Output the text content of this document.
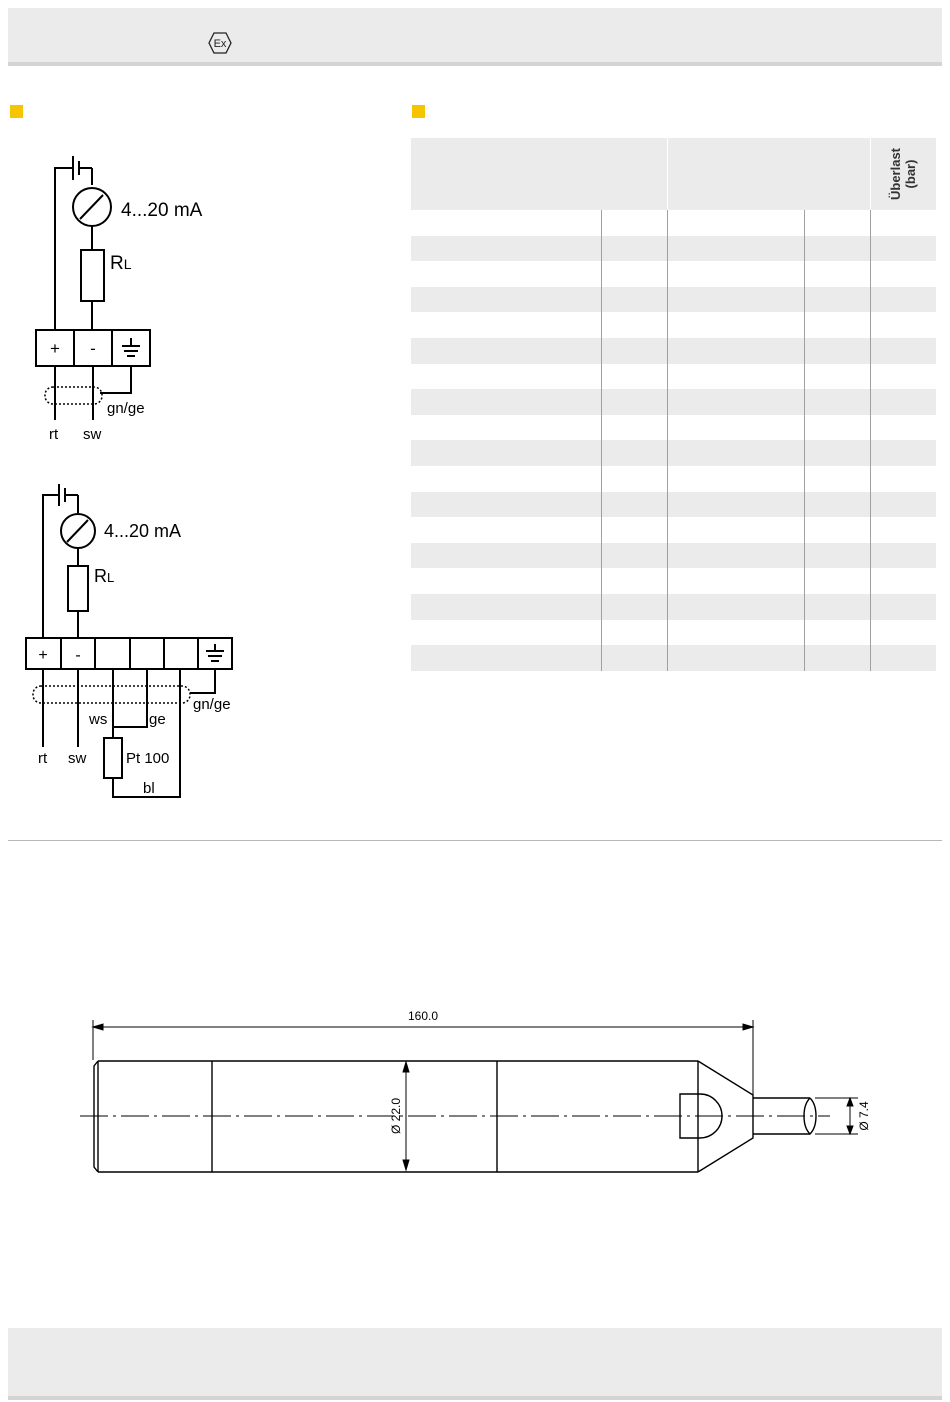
Ex
4...20 mA
RL
+ -
gn/ge
rt sw
4...20 mA
RL
+ -
gn/ge
ws	ge
rt sw	Pt 100
bl

				Überlast
(bar)

160.0
Ø 22.0	Ø 7.4
